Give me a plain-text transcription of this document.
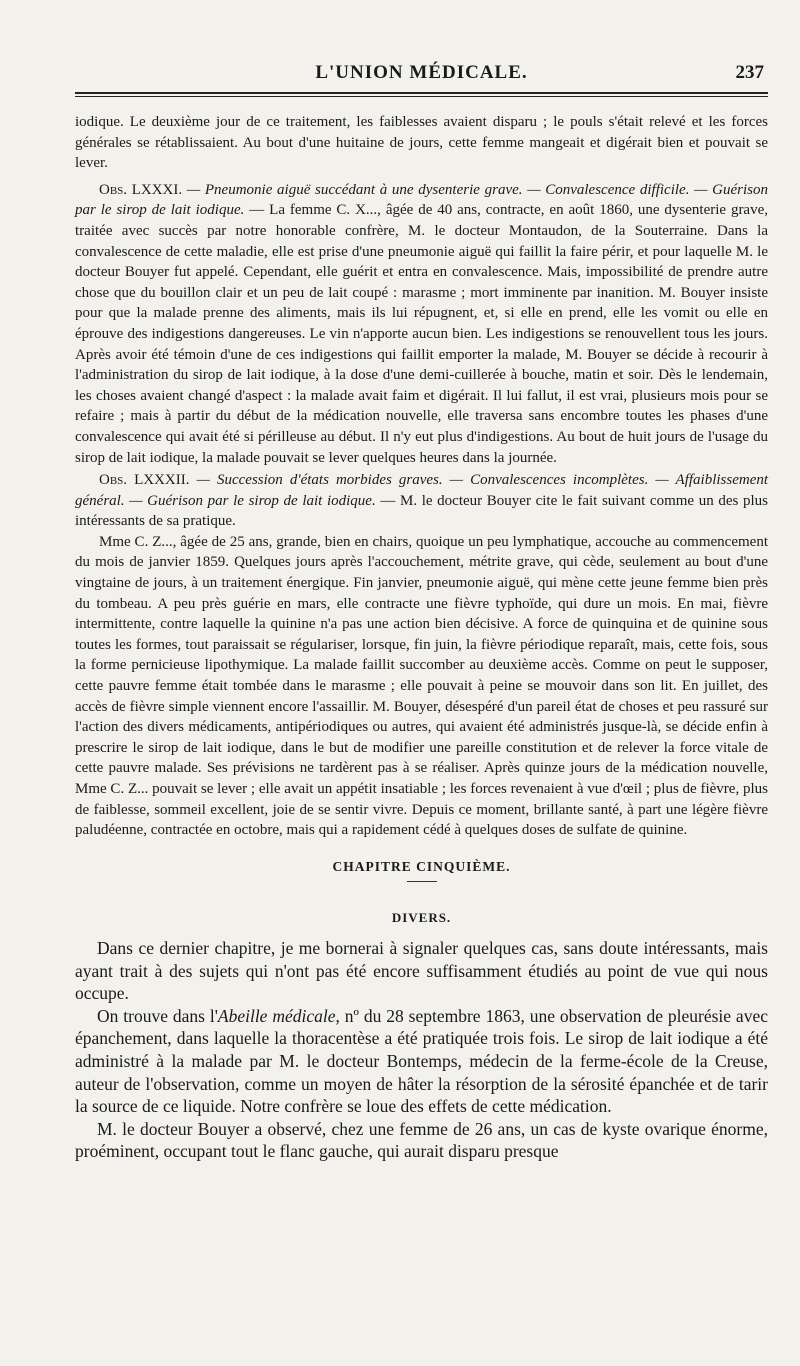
L'UNION MÉDICALE.	237

iodique. Le deuxième jour de ce traitement, les faiblesses avaient disparu ; le pouls s'était relevé et les forces générales se rétablissaient. Au bout d'une huitaine de jours, cette femme mangeait et digérait bien et pouvait se lever.

Obs. LXXXI. — Pneumonie aiguë succédant à une dysenterie grave. — Convalescence difficile. — Guérison par le sirop de lait iodique. — La femme C. X..., âgée de 40 ans, contracte, en août 1860, une dysenterie grave, traitée avec succès par notre honorable confrère, M. le docteur Montaudon, de la Souterraine. Dans la convalescence de cette maladie, elle est prise d'une pneumonie aiguë qui faillit la faire périr, et pour laquelle M. le docteur Bouyer fut appelé. Cependant, elle guérit et entra en convalescence. Mais, impossibilité de prendre autre chose que du bouillon clair et un peu de lait coupé : marasme ; mort imminente par inanition. M. Bouyer insiste pour que la malade prenne des aliments, mais ils lui répugnent, et, si elle en prend, elle les vomit ou elle en éprouve des indigestions dangereuses. Le vin n'apporte aucun bien. Les indigestions se renouvellent tous les jours. Après avoir été témoin d'une de ces indigestions qui faillit emporter la malade, M. Bouyer se décide à recourir à l'administration du sirop de lait iodique, à la dose d'une demi-cuillerée à bouche, matin et soir. Dès le lendemain, les choses avaient changé d'aspect : la malade avait faim et digérait. Il lui fallut, il est vrai, plusieurs mois pour se refaire ; mais à partir du début de la médication nouvelle, elle traversa sans encombre toutes les phases d'une convalescence qui avait été si périlleuse au début. Il n'y eut plus d'indigestions. Au bout de huit jours de l'usage du sirop de lait iodique, la malade pouvait se lever quelques heures dans la journée.

Obs. LXXXII. — Succession d'états morbides graves. — Convalescences incomplètes. — Affaiblissement général. — Guérison par le sirop de lait iodique. — M. le docteur Bouyer cite le fait suivant comme un des plus intéressants de sa pratique.

Mme C. Z..., âgée de 25 ans, grande, bien en chairs, quoique un peu lymphatique, accouche au commencement du mois de janvier 1859. Quelques jours après l'accouchement, métrite grave, qui cède, seulement au bout d'une vingtaine de jours, à un traitement énergique. Fin janvier, pneumonie aiguë, qui mène cette jeune femme bien près du tombeau. A peu près guérie en mars, elle contracte une fièvre typhoïde, qui dure un mois. En mai, fièvre intermittente, contre laquelle la quinine n'a pas une action bien décisive. A force de quinquina et de quinine sous toutes les formes, tout paraissait se régulariser, lorsque, fin juin, la fièvre périodique reparaît, mais, cette fois, sous la forme pernicieuse lipothymique. La malade faillit succomber au deuxième accès. Comme on peut le supposer, cette pauvre femme était tombée dans le marasme ; elle pouvait à peine se mouvoir dans son lit. En juillet, des accès de fièvre simple viennent encore l'assaillir. M. Bouyer, désespéré d'un pareil état de choses et peu rassuré sur l'action des divers médicaments, antipériodiques ou autres, qui avaient été administrés jusque-là, se décide enfin à prescrire le sirop de lait iodique, dans le but de modifier une pareille constitution et de relever la force vitale de cette pauvre malade. Ses prévisions ne tardèrent pas à se réaliser. Après quinze jours de la médication nouvelle, Mme C. Z... pouvait se lever ; elle avait un appétit insatiable ; les forces revenaient à vue d'œil ; plus de fièvre, plus de faiblesse, sommeil excellent, joie de se sentir vivre. Depuis ce moment, brillante santé, à part une légère fièvre paludéenne, contractée en octobre, mais qui a rapidement cédé à quelques doses de sulfate de quinine.

CHAPITRE CINQUIÈME.
DIVERS.

Dans ce dernier chapitre, je me bornerai à signaler quelques cas, sans doute intéressants, mais ayant trait à des sujets qui n'ont pas été encore suffisamment étudiés au point de vue qui nous occupe.

On trouve dans l'Abeille médicale, nº du 28 septembre 1863, une observation de pleurésie avec épanchement, dans laquelle la thoracentèse a été pratiquée trois fois. Le sirop de lait iodique a été administré à la malade par M. le docteur Bontemps, médecin de la ferme-école de la Creuse, auteur de l'observation, comme un moyen de hâter la résorption de la sérosité épanchée et de tarir la source de ce liquide. Notre confrère se loue des effets de cette médication.

M. le docteur Bouyer a observé, chez une femme de 26 ans, un cas de kyste ovarique énorme, proéminent, occupant tout le flanc gauche, qui aurait disparu presque
